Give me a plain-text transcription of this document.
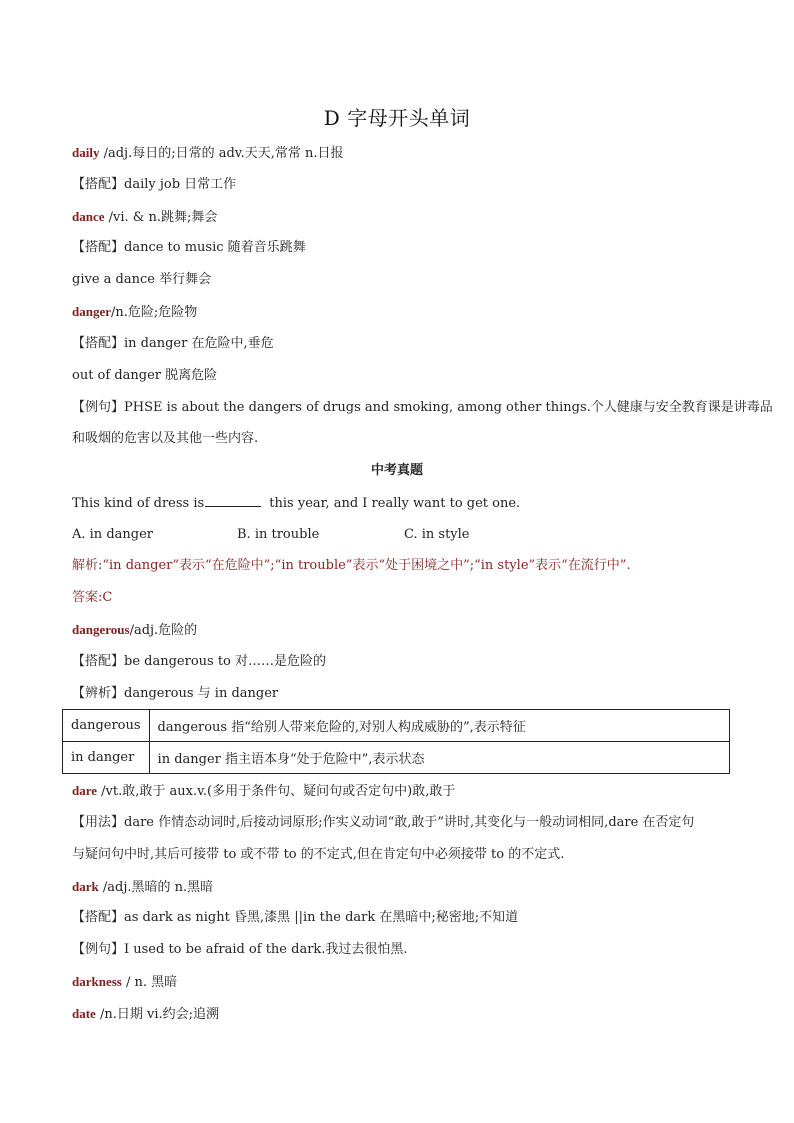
D 字母开头单词
daily /adj.每日的;日常的 adv.天天,常常 n.日报
【搭配】daily job 日常工作
dance /vi. & n.跳舞;舞会
【搭配】dance to music 随着音乐跳舞
give a dance 举行舞会
danger/n.危险;危险物
【搭配】in danger 在危险中,垂危
out of danger 脱离危险
【例句】PHSE is about the dangers of drugs and smoking, among other things.个人健康与安全教育课是讲毒品
和吸烟的危害以及其他一些内容.
中考真题
This kind of dress is	this year, and I really want to get one.
A. in danger	B. in trouble	C. in style
解析:“in danger”表示“在危险中”;“in trouble”表示“处于困境之中”;“in style”表示“在流行中”.
答案:C
dangerous/adj.危险的
【搭配】be dangerous to 对……是危险的
【辨析】dangerous 与 in danger
dangerous	dangerous 指“给别人带来危险的,对别人构成威胁的”,表示特征
in danger	in danger 指主语本身“处于危险中”,表示状态
dare /vt.敢,敢于 aux.v.(多用于条件句、疑问句或否定句中)敢,敢于
【用法】dare 作情态动词时,后接动词原形;作实义动词“敢,敢于”讲时,其变化与一般动词相同,dare 在否定句
与疑问句中时,其后可接带 to 或不带 to 的不定式,但在肯定句中必须接带 to 的不定式.
dark /adj.黑暗的 n.黑暗
【搭配】as dark as night 昏黑,漆黑 ||in the dark 在黑暗中;秘密地;不知道
【例句】I used to be afraid of the dark.我过去很怕黑.
darkness / n. 黑暗
date /n.日期 vi.约会;追溯
